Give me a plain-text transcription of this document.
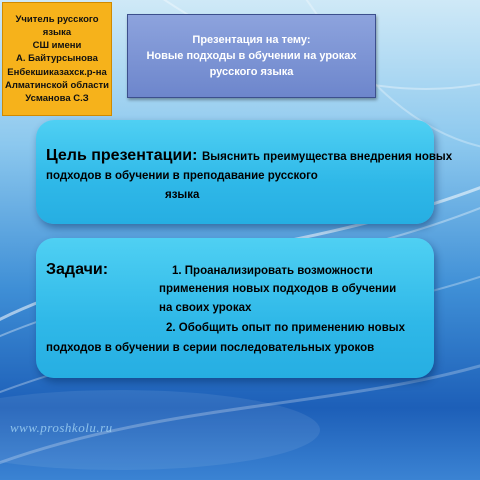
Учитель русского языка
СШ имени
А. Байтурсынова
Енбекшиказахск.р-на
Алматинской области
Усманова С.З
Презентация на тему:
Новые подходы в обучении на уроках
русского языка
Цель презентации: Выяснить преимущества внедрения новых
подходов в обучении в преподавание русского
языка
Задачи:	1. Проанализировать возможности
применения новых подходов в обучении
на своих уроках
2. Обобщить опыт по применению новых
подходов в обучении в серии последовательных уроков
www.proshkolu.ru
